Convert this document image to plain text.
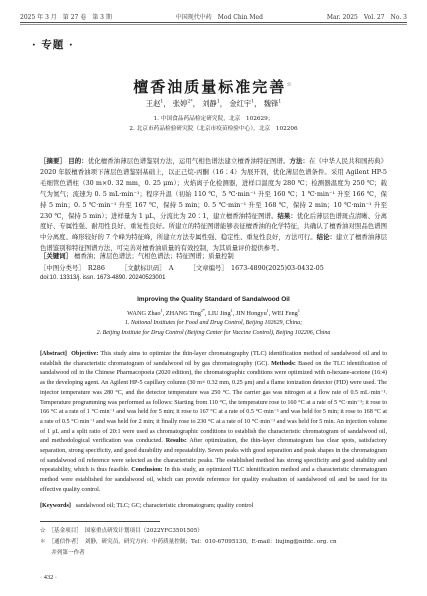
2025 年 3 月　第 27 卷　第 3 期	中国现代中药　Mod Chin Med	Mar. 2025　Vol. 27　No. 3
· 专题 ·
檀香油质量标准完善☆
王赵$^1$， 张婷$^{2*}$， 刘静$^1$， 金红宇$^1$， 魏锋$^1$
1. 中国食品药品检定研究院，北京　102629；
2. 北京市药品检验研究院（北京市疫苗检验中心），北京　102206
［摘要］ 目的：优化檀香油薄层色谱鉴别方法，运用气相色谱法建立檀香油特征图谱。方法：在《中华人民共和国药典》2020 年版檀香油项下薄层色谱鉴别基础上，以正己烷-丙酮（16∶4）为展开剂，优化薄层色谱条件。采用 Agilent HP-5 毛细管色谱柱（30 m×0. 32 mm，0. 25 μm）；火焰离子化检测器，进样口温度为 280 ℃；检测器温度为 250 ℃；载气为氮气；流速为 0. 5 mL·min⁻¹；程序升温（初始 110 ℃，5 ℃·min⁻¹ 升至 160 ℃；1 ℃·min⁻¹ 升至 166 ℃，保持 5 min；0. 5 ℃·min⁻¹ 升至 167 ℃，保持 5 min；0. 5 ℃·min⁻¹ 升至 168 ℃，保持 2 min；10 ℃·min⁻¹ 升至 230 ℃，保持 5 min）；进样量为 1 μL，分流比为 20∶1，建立檀香油特征图谱。结果：优化后薄层色谱斑点清晰、分离度好、专属性强、耐用性良好、重复性良好。所建立的特征图谱能够表征檀香油的化学特征，共确认了檀香油对照品色谱图中分离度、峰形较好的 7 个峰为特征峰，所建立方法专属性强、稳定性、重复性良好，方法可行。结论：建立了檀香油薄层色谱鉴别和特征图谱方法，可完善对檀香油质量的有效控制，为其质量评价提供参考。
［关键词］ 檀香油；薄层色谱法；气相色谱法；特征图谱；质量控制
［中图分类号］　R286	［文献标识码］　A	［文章编号］　1673-4890(2025)03-0432-05
doi:10. 13313/j. issn. 1673-4890. 20240523001
Improving the Quality Standard of Sandalwood Oil
WANG Zhao$^1$, ZHANG Ting$^{2*}$, LIU Jing$^1$, JIN Hongyu$^1$, WEI Feng$^1$
1. National Institutes for Food and Drug Control, Beijing 102629, China;
2. Beijing Institute for Drug Control (Beijing Center for Vaccine Control), Beijing 102206, China
[Abstract] Objective: This study aims to optimize the thin-layer chromatography (TLC) identification method of sandalwood oil and to establish the characteristic chromatogram of sandalwood oil by gas chromatography (GC). Methods: Based on the TLC identification of sandalwood oil in the Chinese Pharmacopoeia (2020 edition), the chromatographic conditions were optimized with n-hexane-acetone (16:4) as the developing agent. An Agilent HP-5 capillary column (30 m× 0.32 mm, 0.25 μm) and a flame ionization detector (FID) were used. The injector temperature was 280 °C, and the detector temperature was 250 °C. The carrier gas was nitrogen at a flow rate of 0.5 mL·min⁻¹. Temperature programming was performed as follows: Starting from 110 °C, the temperature rose to 160 °C at a rate of 5 °C·min⁻¹; it rose to 166 °C at a rate of 1 °C·min⁻¹ and was held for 5 min; it rose to 167 °C at a rate of 0.5 °C·min⁻¹ and was held for 5 min; it rose to 168 °C at a rate of 0.5 °C·min⁻¹ and was held for 2 min; it finally rose to 230 °C at a rate of 10 °C·min⁻¹ and was held for 5 min. An injection volume of 1 μL and a split ratio of 20:1 were used as chromatographic conditions to establish the characteristic chromatogram of sandalwood oil, and methodological verification was conducted. Results: After optimization, the thin-layer chromatogram has clear spots, satisfactory separation, strong specificity, and good durability and repeatability. Seven peaks with good separation and peak shapes in the chromatogram of sandalwood oil reference were selected as the characteristic peaks. The established method has strong specificity and good stability and repeatability, which is thus feasible. Conclusion: In this study, an optimized TLC identification method and a characteristic chromatogram method were established for sandalwood oil, which can provide reference for quality evaluation of sandalwood oil and be used for its effective quality control.
[Keywords] sandalwood oil; TLC; GC; characteristic chromatogram; quality control
☆　［基金项目］　国家重点研发计划项目（2022YFC3501505）
＊　［通信作者］　刘静，研究员，研究方向：中药质量控制；Tel：010-67095130，E-mail：liujing@nifdc. org. cn
　　并列第一作者
· 432 ·
